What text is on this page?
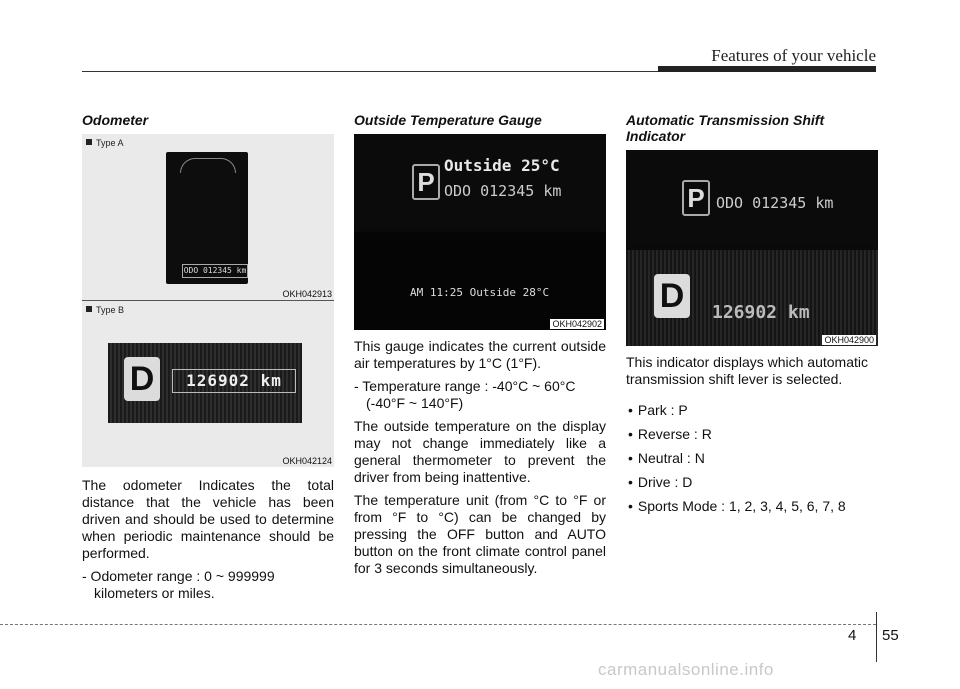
Features of your vehicle
Odometer
Type A
ODO 012345 km
OKH042913
Type B
D	126902 km
OKH042124

The odometer Indicates the total distance that the vehicle has been driven and should be used to determine when periodic maintenance should be performed.

- Odometer range : 0 ~ 999999 kilometers or miles.

Outside Temperature Gauge
P
Outside 25°C
ODO 012345 km
AM 11:25 Outside 28°C
OKH042902

This gauge indicates the current outside air temperatures by 1°C (1°F).

- Temperature range : -40°C ~ 60°C (-40°F ~ 140°F)

The outside temperature on the display may not change immediately like a general thermometer to prevent the driver from being inattentive.

The temperature unit (from °C to °F or from °F to °C) can be changed by pressing the OFF button and AUTO button on the front climate control panel for 3 seconds simultaneously.

Automatic Transmission Shift Indicator
P ODO 012345 km
D	126902 km
OKH042900

This indicator displays which automatic transmission shift lever is selected.

• Park : P
• Reverse : R
• Neutral : N
• Drive : D
• Sports Mode : 1, 2, 3, 4, 5, 6, 7, 8
4 55
carmanualsonline.info
